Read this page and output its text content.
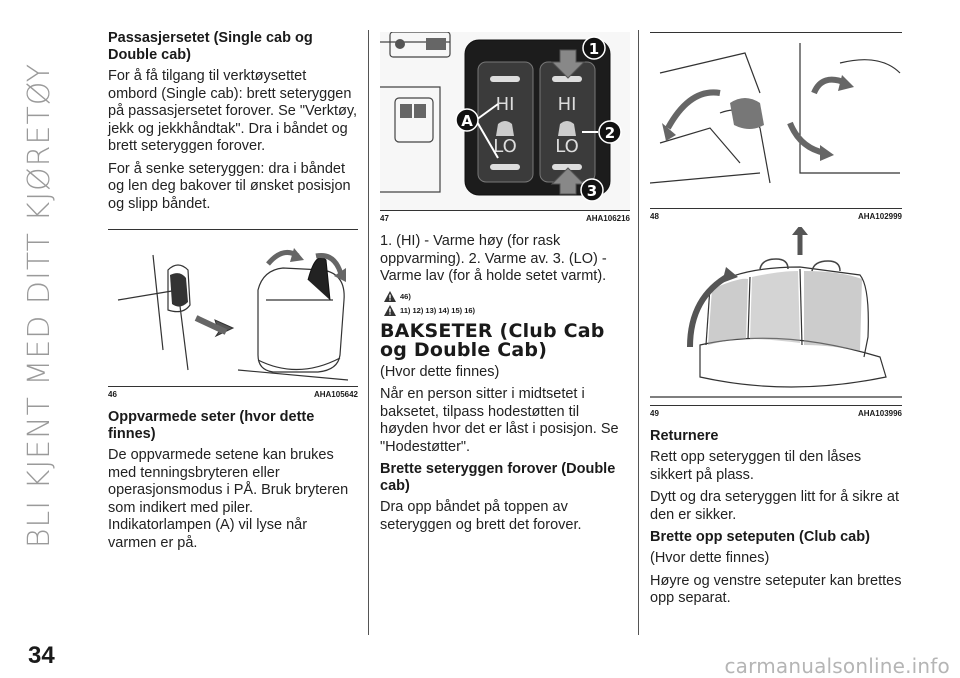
BLI KJENT MED DITT KJØRETØY
Passasjersetet (Single cab og Double cab)

For å få tilgang til verktøysettet ombord (Single cab): brett seteryggen på passasjersetet forover. Se "Verktøy, jekk og jekkhåndtak". Dra i båndet og brett seteryggen forover.

For å senke seteryggen: dra i båndet og len deg bakover til ønsket posisjon og slipp båndet.

46	AHA105642
Oppvarmede seter (hvor dette finnes)

De oppvarmede setene kan brukes med tenningsbryteren eller operasjonsmodus i PÅ. Bruk bryteren som indikert med piler. Indikatorlampen (A) vil lyse når varmen er på.

HI HI
LO LO
A
1
2
3
47	AHA106216

1. (HI) - Varme høy (for rask oppvarming). 2. Varme av. 3. (LO) - Varme lav (for å holde setet varmt).

46)
11) 12) 13) 14) 15) 16)
BAKSETER (Club Cab og Double Cab)

(Hvor dette finnes)

Når en person sitter i midtsetet i baksetet, tilpass hodestøtten til høyden hvor det er låst i posisjon. Se "Hodestøtter".

Brette seteryggen forover (Double cab)

Dra opp båndet på toppen av seteryggen og brett det forover.

48	AHA102999
49	AHA103996
Returnere

Rett opp seteryggen til den låses sikkert på plass.

Dytt og dra seteryggen litt for å sikre at den er sikker.

Brette opp seteputen (Club cab)

(Hvor dette finnes)

Høyre og venstre seteputer kan brettes opp separat.

34	carmanualsonline.info
